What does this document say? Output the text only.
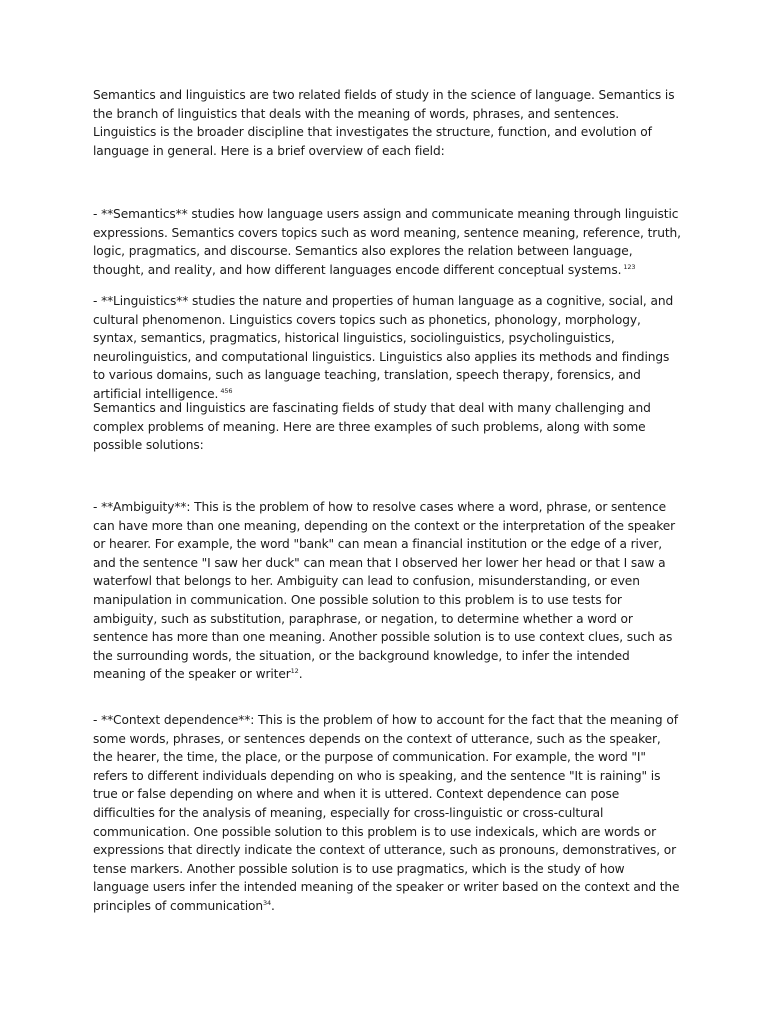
Semantics and linguistics are two related fields of study in the science of language. Semantics is the branch of linguistics that deals with the meaning of words, phrases, and sentences. Linguistics is the broader discipline that investigates the structure, function, and evolution of language in general. Here is a brief overview of each field:

- **Semantics** studies how language users assign and communicate meaning through linguistic expressions. Semantics covers topics such as word meaning, sentence meaning, reference, truth, logic, pragmatics, and discourse. Semantics also explores the relation between language, thought, and reality, and how different languages encode different conceptual systems. $^{123}$

- **Linguistics** studies the nature and properties of human language as a cognitive, social, and cultural phenomenon. Linguistics covers topics such as phonetics, phonology, morphology, syntax, semantics, pragmatics, historical linguistics, sociolinguistics, psycholinguistics, neurolinguistics, and computational linguistics. Linguistics also applies its methods and findings to various domains, such as language teaching, translation, speech therapy, forensics, and artificial intelligence. $^{456}$

Semantics and linguistics are fascinating fields of study that deal with many challenging and complex problems of meaning. Here are three examples of such problems, along with some possible solutions:

- **Ambiguity**: This is the problem of how to resolve cases where a word, phrase, or sentence can have more than one meaning, depending on the context or the interpretation of the speaker or hearer. For example, the word "bank" can mean a financial institution or the edge of a river, and the sentence "I saw her duck" can mean that I observed her lower her head or that I saw a waterfowl that belongs to her. Ambiguity can lead to confusion, misunderstanding, or even manipulation in communication. One possible solution to this problem is to use tests for ambiguity, such as substitution, paraphrase, or negation, to determine whether a word or sentence has more than one meaning. Another possible solution is to use context clues, such as the surrounding words, the situation, or the background knowledge, to infer the intended meaning of the speaker or writer$^{12}$.

- **Context dependence**: This is the problem of how to account for the fact that the meaning of some words, phrases, or sentences depends on the context of utterance, such as the speaker, the hearer, the time, the place, or the purpose of communication. For example, the word "I" refers to different individuals depending on who is speaking, and the sentence "It is raining" is true or false depending on where and when it is uttered. Context dependence can pose difficulties for the analysis of meaning, especially for cross-linguistic or cross-cultural communication. One possible solution to this problem is to use indexicals, which are words or expressions that directly indicate the context of utterance, such as pronouns, demonstratives, or tense markers. Another possible solution is to use pragmatics, which is the study of how language users infer the intended meaning of the speaker or writer based on the context and the principles of communication$^{34}$.
